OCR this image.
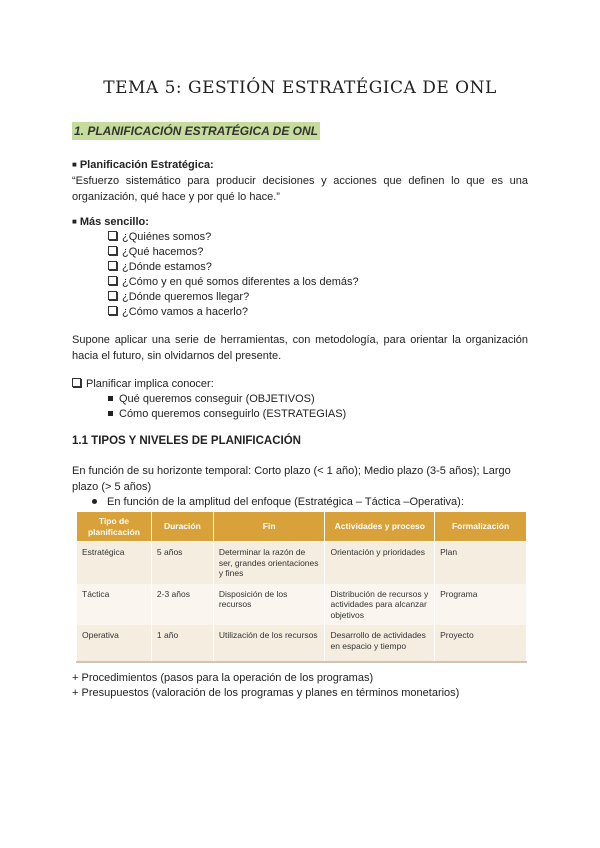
TEMA 5: GESTIÓN ESTRATÉGICA DE ONL
1. PLANIFICACIÓN ESTRATÉGICA DE ONL
■ Planificación Estratégica:
“Esfuerzo sistemático para producir decisiones y acciones que definen lo que es una organización, qué hace y por qué lo hace.”
■ Más sencillo:
¿Quiénes somos?
¿Qué hacemos?
¿Dónde estamos?
¿Cómo y en qué somos diferentes a los demás?
¿Dónde queremos llegar?
¿Cómo vamos a hacerlo?
Supone aplicar una serie de herramientas, con metodología, para orientar la organización hacia el futuro, sin olvidarnos del presente.
Planificar implica conocer:
Qué queremos conseguir (OBJETIVOS)
Cómo queremos conseguirlo (ESTRATEGIAS)
1.1 TIPOS Y NIVELES DE PLANIFICACIÓN
En función de su horizonte temporal: Corto plazo (< 1 año); Medio plazo (3-5 años); Largo plazo (> 5 años)
En función de la amplitud del enfoque (Estratégica – Táctica –Operativa):
Tipo de planificación	Duración	Fin	Actividades y proceso	Formalización
Estratégica	5 años	Determinar la razón de ser, grandes orientaciones y fines	Orientación y prioridades	Plan
Táctica	2-3 años	Disposición de los recursos	Distribución de recursos y actividades para alcanzar objetivos	Programa
Operativa	1 año	Utilización de los recursos	Desarrollo de actividades en espacio y tiempo	Proyecto
+ Procedimientos (pasos para la operación de los programas)
+ Presupuestos (valoración de los programas y planes en términos monetarios)
